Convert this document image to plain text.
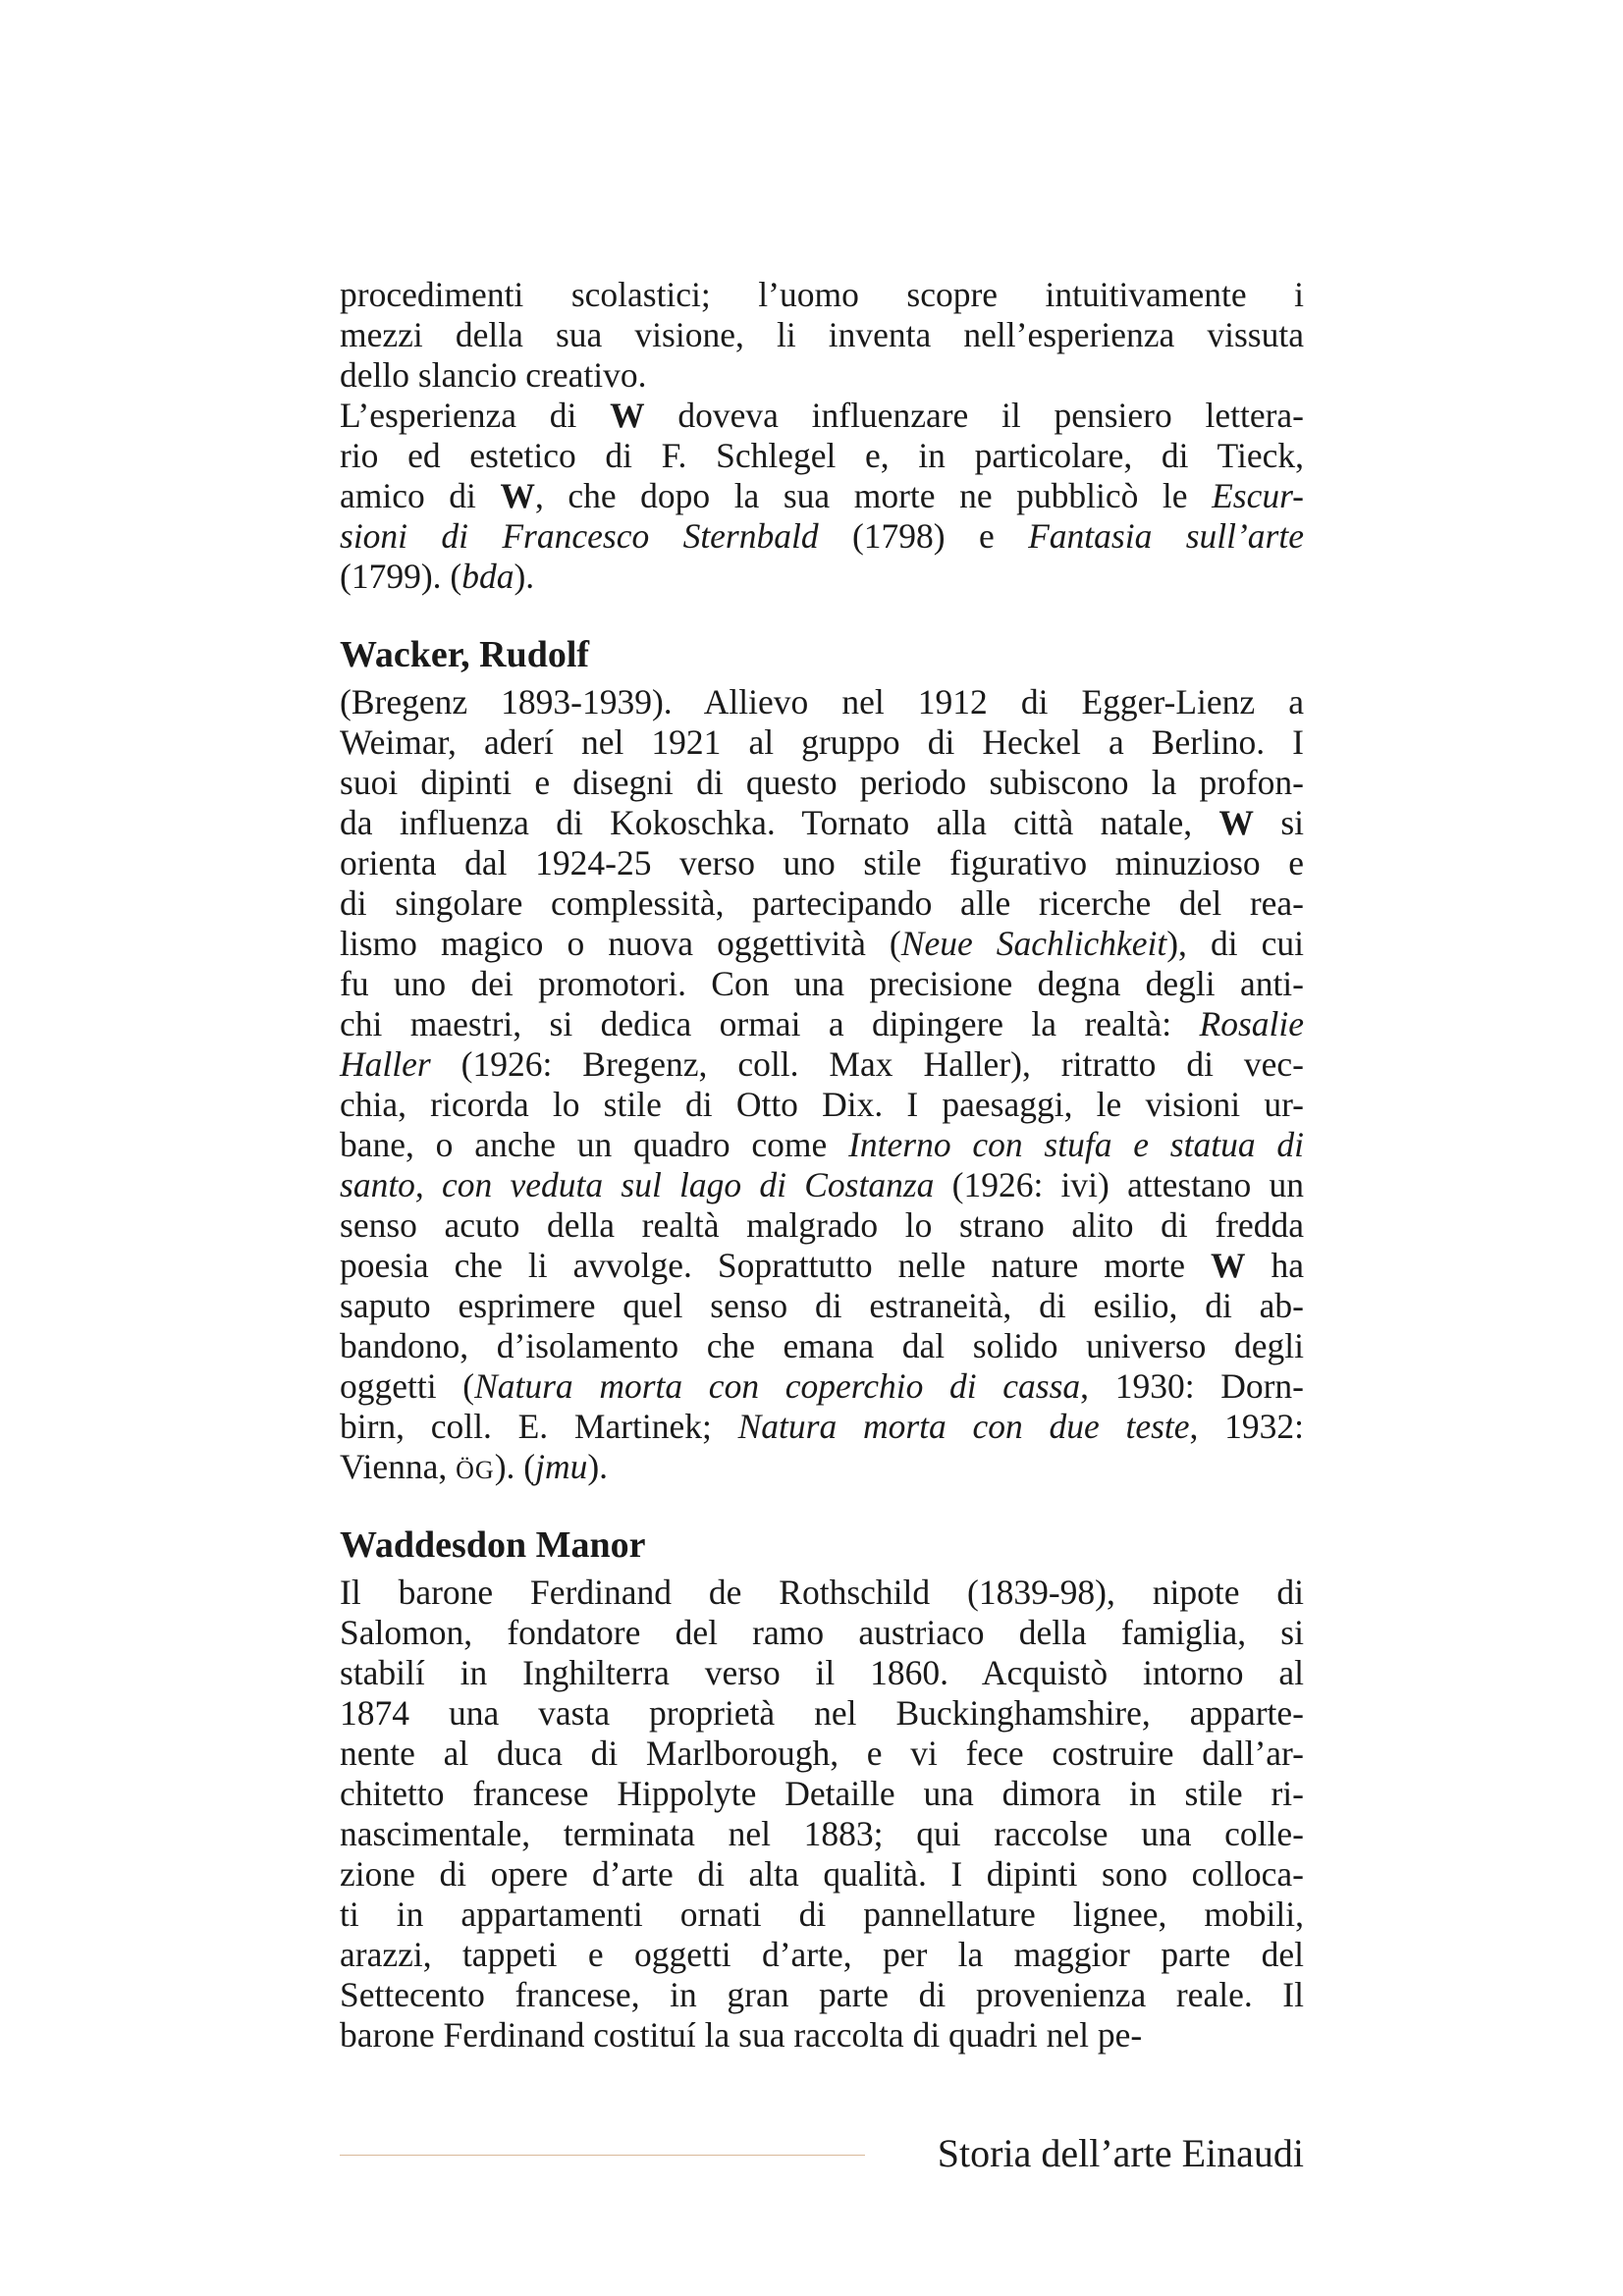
procedimenti scolastici; l’uomo scopre intuitivamente i
mezzi della sua visione, li inventa nell’esperienza vissuta
dello slancio creativo.
L’esperienza di W doveva influenzare il pensiero lettera-
rio ed estetico di F. Schlegel e, in particolare, di Tieck,
amico di W, che dopo la sua morte ne pubblicò le Escur-
sioni di Francesco Sternbald (1798) e Fantasia sull’arte
(1799). (bda).
Wacker, Rudolf
(Bregenz 1893-1939). Allievo nel 1912 di Egger-Lienz a
Weimar, aderí nel 1921 al gruppo di Heckel a Berlino. I
suoi dipinti e disegni di questo periodo subiscono la profon-
da influenza di Kokoschka. Tornato alla città natale, W si
orienta dal 1924-25 verso uno stile figurativo minuzioso e
di singolare complessità, partecipando alle ricerche del rea-
lismo magico o nuova oggettività (Neue Sachlichkeit), di cui
fu uno dei promotori. Con una precisione degna degli anti-
chi maestri, si dedica ormai a dipingere la realtà: Rosalie
Haller (1926: Bregenz, coll. Max Haller), ritratto di vec-
chia, ricorda lo stile di Otto Dix. I paesaggi, le visioni ur-
bane, o anche un quadro come Interno con stufa e statua di
santo, con veduta sul lago di Costanza (1926: ivi) attestano un
senso acuto della realtà malgrado lo strano alito di fredda
poesia che li avvolge. Soprattutto nelle nature morte W ha
saputo esprimere quel senso di estraneità, di esilio, di ab-
bandono, d’isolamento che emana dal solido universo degli
oggetti (Natura morta con coperchio di cassa, 1930: Dorn-
birn, coll. E. Martinek; Natura morta con due teste, 1932:
Vienna, ÖG). (jmu).
Waddesdon Manor
Il barone Ferdinand de Rothschild (1839-98), nipote di
Salomon, fondatore del ramo austriaco della famiglia, si
stabilí in Inghilterra verso il 1860. Acquistò intorno al
1874 una vasta proprietà nel Buckinghamshire, apparte-
nente al duca di Marlborough, e vi fece costruire dall’ar-
chitetto francese Hippolyte Detaille una dimora in stile ri-
nascimentale, terminata nel 1883; qui raccolse una colle-
zione di opere d’arte di alta qualità. I dipinti sono colloca-
ti in appartamenti ornati di pannellature lignee, mobili,
arazzi, tappeti e oggetti d’arte, per la maggior parte del
Settecento francese, in gran parte di provenienza reale. Il
barone Ferdinand costituí la sua raccolta di quadri nel pe-
Storia dell’arte Einaudi
